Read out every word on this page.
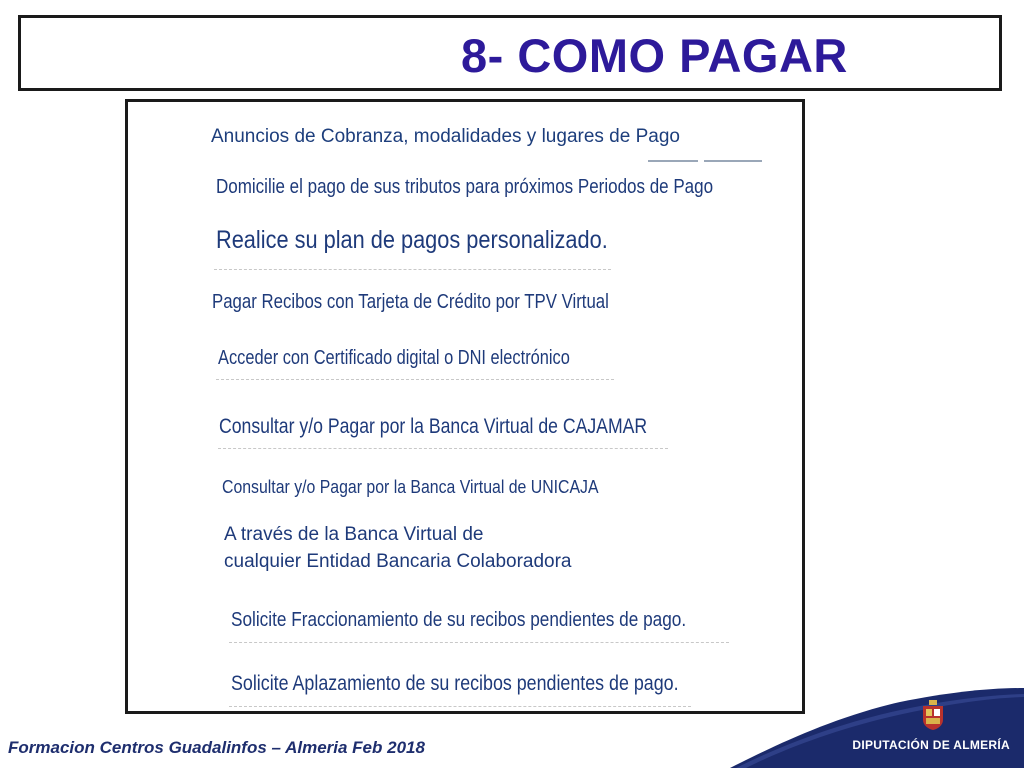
8- COMO PAGAR
Anuncios de Cobranza, modalidades y lugares de Pago
Domicilie el pago de sus tributos para próximos Periodos de Pago
Realice su plan de pagos personalizado.
Pagar Recibos con Tarjeta de Crédito por TPV Virtual
Acceder con Certificado digital o DNI electrónico
Consultar y/o Pagar por la Banca Virtual de CAJAMAR
Consultar y/o Pagar por la Banca Virtual de UNICAJA
A través de la Banca Virtual de
cualquier Entidad Bancaria Colaboradora
Solicite Fraccionamiento de su recibos pendientes de pago.
Solicite Aplazamiento de su recibos pendientes de pago.
Formacion Centros Guadalinfos – Almeria Feb 2018	DIPUTACIÓN DE ALMERÍA
